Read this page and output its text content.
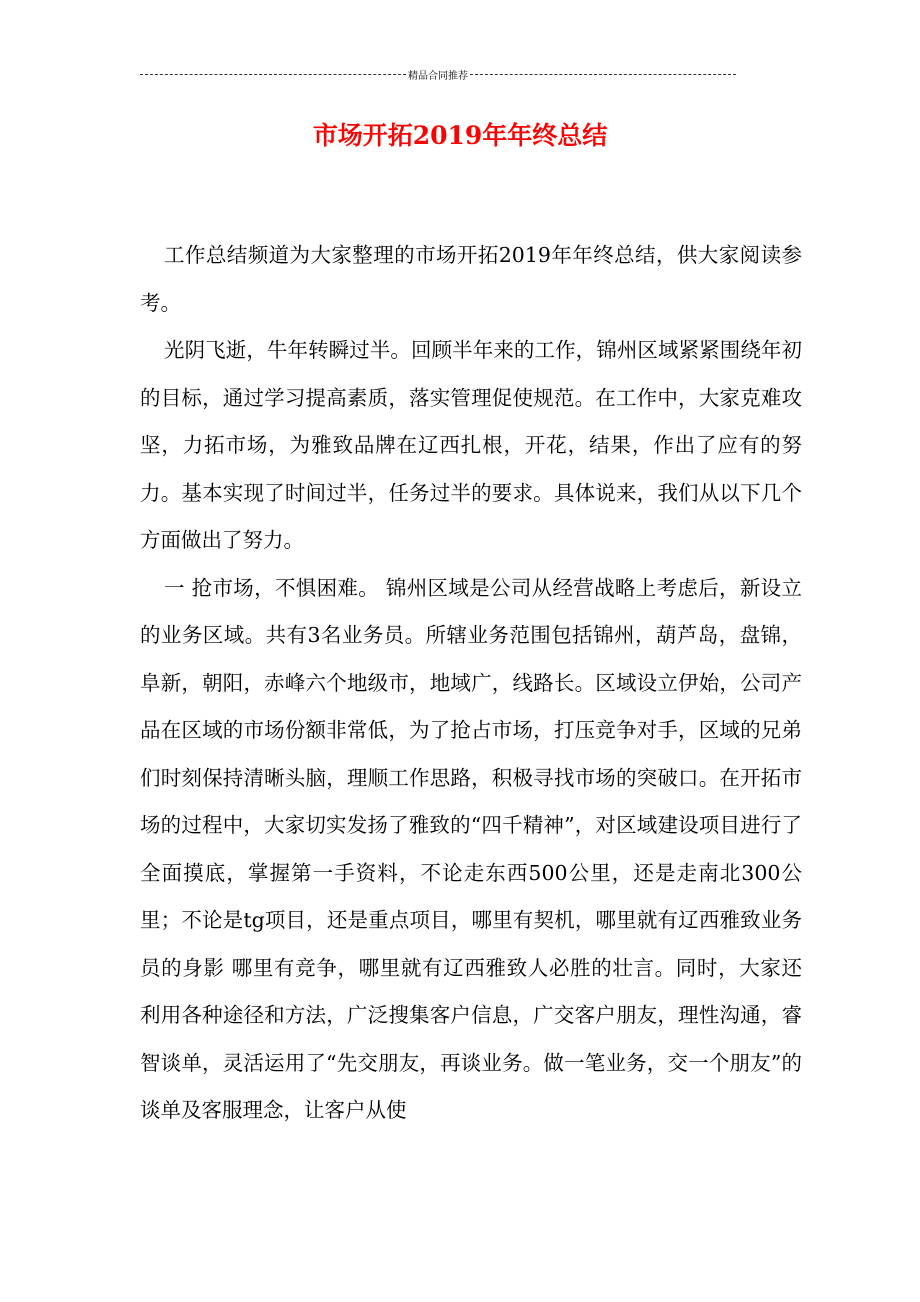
精品合同推荐
市场开拓2019年年终总结

工作总结频道为大家整理的市场开拓2019年年终总结，供大家阅读参考。

光阴飞逝，牛年转瞬过半。回顾半年来的工作，锦州区域紧紧围绕年初的目标，通过学习提高素质，落实管理促使规范。在工作中，大家克难攻坚，力拓市场，为雅致品牌在辽西扎根，开花，结果，作出了应有的努力。基本实现了时间过半，任务过半的要求。具体说来，我们从以下几个方面做出了努力。

一 抢市场，不惧困难。 锦州区域是公司从经营战略上考虑后，新设立的业务区域。共有3名业务员。所辖业务范围包括锦州，葫芦岛，盘锦，阜新，朝阳，赤峰六个地级市，地域广，线路长。区域设立伊始，公司产品在区域的市场份额非常低，为了抢占市场，打压竞争对手，区域的兄弟们时刻保持清晰头脑，理顺工作思路，积极寻找市场的突破口。在开拓市场的过程中，大家切实发扬了雅致的“四千精神”，对区域建设项目进行了全面摸底，掌握第一手资料，不论走东西500公里，还是走南北300公里；不论是tg项目，还是重点项目，哪里有契机，哪里就有辽西雅致业务员的身影 哪里有竞争，哪里就有辽西雅致人必胜的壮言。同时，大家还利用各种途径和方法，广泛搜集客户信息，广交客户朋友，理性沟通，睿智谈单，灵活运用了“先交朋友，再谈业务。做一笔业务，交一个朋友”的谈单及客服理念，让客户从使
